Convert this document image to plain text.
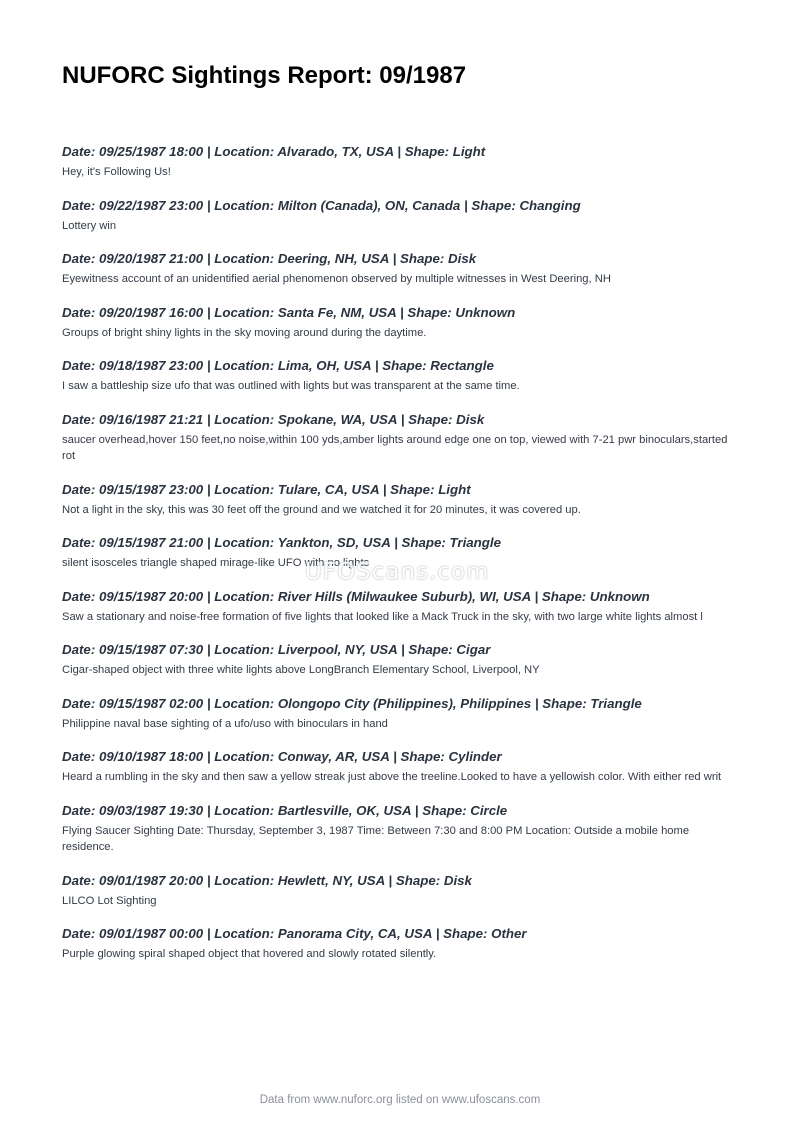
NUFORC Sightings Report: 09/1987
Date: 09/25/1987 18:00 | Location: Alvarado, TX, USA | Shape: Light

Hey, it's Following Us!

Date: 09/22/1987 23:00 | Location: Milton (Canada), ON, Canada | Shape: Changing

Lottery win

Date: 09/20/1987 21:00 | Location: Deering, NH, USA | Shape: Disk

Eyewitness account of an unidentified aerial phenomenon observed by multiple witnesses in West Deering, NH

Date: 09/20/1987 16:00 | Location: Santa Fe, NM, USA | Shape: Unknown

Groups of bright shiny lights in the sky moving around during the daytime.

Date: 09/18/1987 23:00 | Location: Lima, OH, USA | Shape: Rectangle

I saw a battleship size ufo that was outlined with lights but was transparent at the same time.

Date: 09/16/1987 21:21 | Location: Spokane, WA, USA | Shape: Disk

saucer overhead,hover 150 feet,no noise,within 100 yds,amber lights around edge one on top, viewed with 7-21 pwr binoculars,started rot

Date: 09/15/1987 23:00 | Location: Tulare, CA, USA | Shape: Light

Not a light in the sky, this was 30 feet off the ground and we watched it for 20 minutes, it was covered up.

Date: 09/15/1987 21:00 | Location: Yankton, SD, USA | Shape: Triangle

silent isosceles triangle shaped mirage-like UFO with no lights

Date: 09/15/1987 20:00 | Location: River Hills (Milwaukee Suburb), WI, USA | Shape: Unknown

Saw a stationary and noise-free formation of five lights that looked like a Mack Truck in the sky, with two large white lights almost l

Date: 09/15/1987 07:30 | Location: Liverpool, NY, USA | Shape: Cigar

Cigar-shaped object with three white lights above LongBranch Elementary School, Liverpool, NY

Date: 09/15/1987 02:00 | Location: Olongopo City (Philippines), Philippines | Shape: Triangle

Philippine naval base sighting of a ufo/uso with binoculars in hand

Date: 09/10/1987 18:00 | Location: Conway, AR, USA | Shape: Cylinder

Heard a rumbling in the sky and then saw a yellow streak just above the treeline.Looked to have a yellowish color. With either red writ

Date: 09/03/1987 19:30 | Location: Bartlesville, OK, USA | Shape: Circle

Flying Saucer Sighting Date: Thursday, September 3, 1987 Time: Between 7:30 and 8:00 PM Location: Outside a mobile home residence.

Date: 09/01/1987 20:00 | Location: Hewlett, NY, USA | Shape: Disk

LILCO Lot Sighting

Date: 09/01/1987 00:00 | Location: Panorama City, CA, USA | Shape: Other

Purple glowing spiral shaped object that hovered and slowly rotated silently.

UFOScans.com
Data from www.nuforc.org listed on www.ufoscans.com
